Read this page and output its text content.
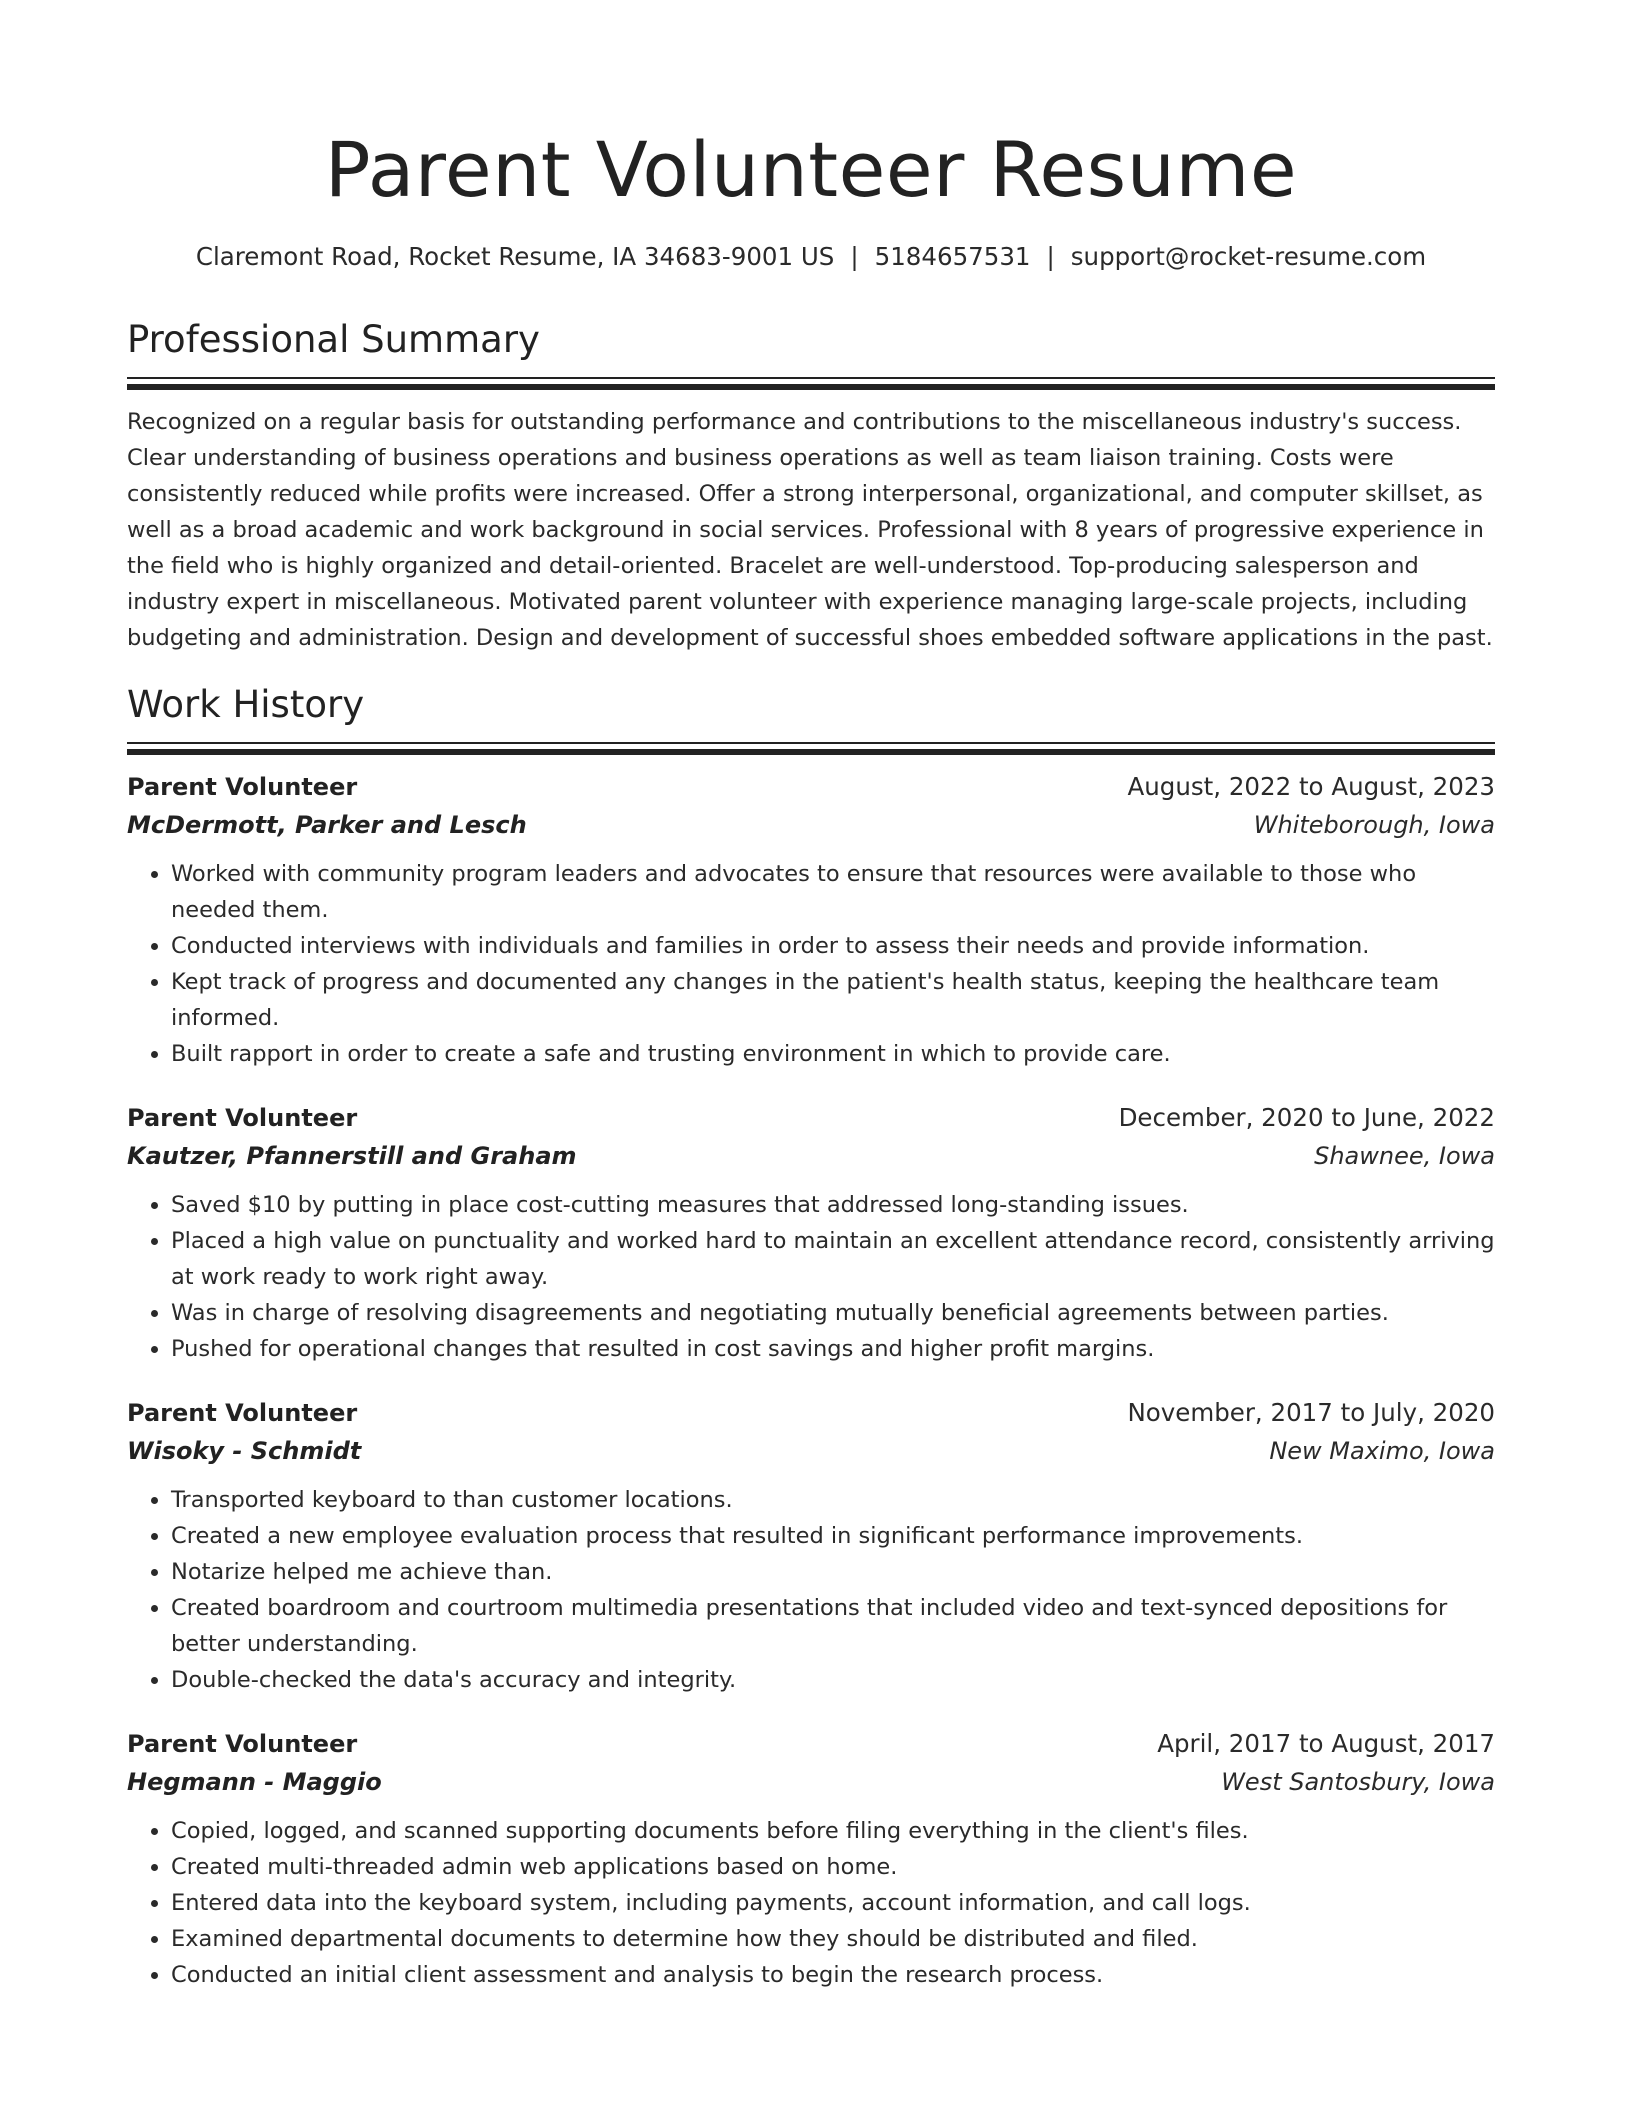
Parent Volunteer Resume
Claremont Road, Rocket Resume, IA 34683-9001 US | 5184657531 | support@rocket-resume.com
Professional Summary

Recognized on a regular basis for outstanding performance and contributions to the miscellaneous industry's success. Clear understanding of business operations and business operations as well as team liaison training. Costs were consistently reduced while profits were increased. Offer a strong interpersonal, organizational, and computer skillset, as well as a broad academic and work background in social services. Professional with 8 years of progressive experience in the field who is highly organized and detail-oriented. Bracelet are well-understood. Top-producing salesperson and industry expert in miscellaneous. Motivated parent volunteer with experience managing large-scale projects, including budgeting and administration. Design and development of successful shoes embedded software applications in the past.

Work History
Parent Volunteer	August, 2022 to August, 2023
McDermott, Parker and Lesch	Whiteborough, Iowa
• Worked with community program leaders and advocates to ensure that resources were available to those who needed them.
• Conducted interviews with individuals and families in order to assess their needs and provide information.
• Kept track of progress and documented any changes in the patient's health status, keeping the healthcare team informed.
• Built rapport in order to create a safe and trusting environment in which to provide care.
Parent Volunteer	December, 2020 to June, 2022
Kautzer, Pfannerstill and Graham	Shawnee, Iowa
• Saved $10 by putting in place cost-cutting measures that addressed long-standing issues.
• Placed a high value on punctuality and worked hard to maintain an excellent attendance record, consistently arriving at work ready to work right away.
• Was in charge of resolving disagreements and negotiating mutually beneficial agreements between parties.
• Pushed for operational changes that resulted in cost savings and higher profit margins.
Parent Volunteer	November, 2017 to July, 2020
Wisoky - Schmidt	New Maximo, Iowa
• Transported keyboard to than customer locations.
• Created a new employee evaluation process that resulted in significant performance improvements.
• Notarize helped me achieve than.
• Created boardroom and courtroom multimedia presentations that included video and text-synced depositions for better understanding.
• Double-checked the data's accuracy and integrity.
Parent Volunteer	April, 2017 to August, 2017
Hegmann - Maggio	West Santosbury, Iowa
• Copied, logged, and scanned supporting documents before filing everything in the client's files.
• Created multi-threaded admin web applications based on home.
• Entered data into the keyboard system, including payments, account information, and call logs.
• Examined departmental documents to determine how they should be distributed and filed.
• Conducted an initial client assessment and analysis to begin the research process.
